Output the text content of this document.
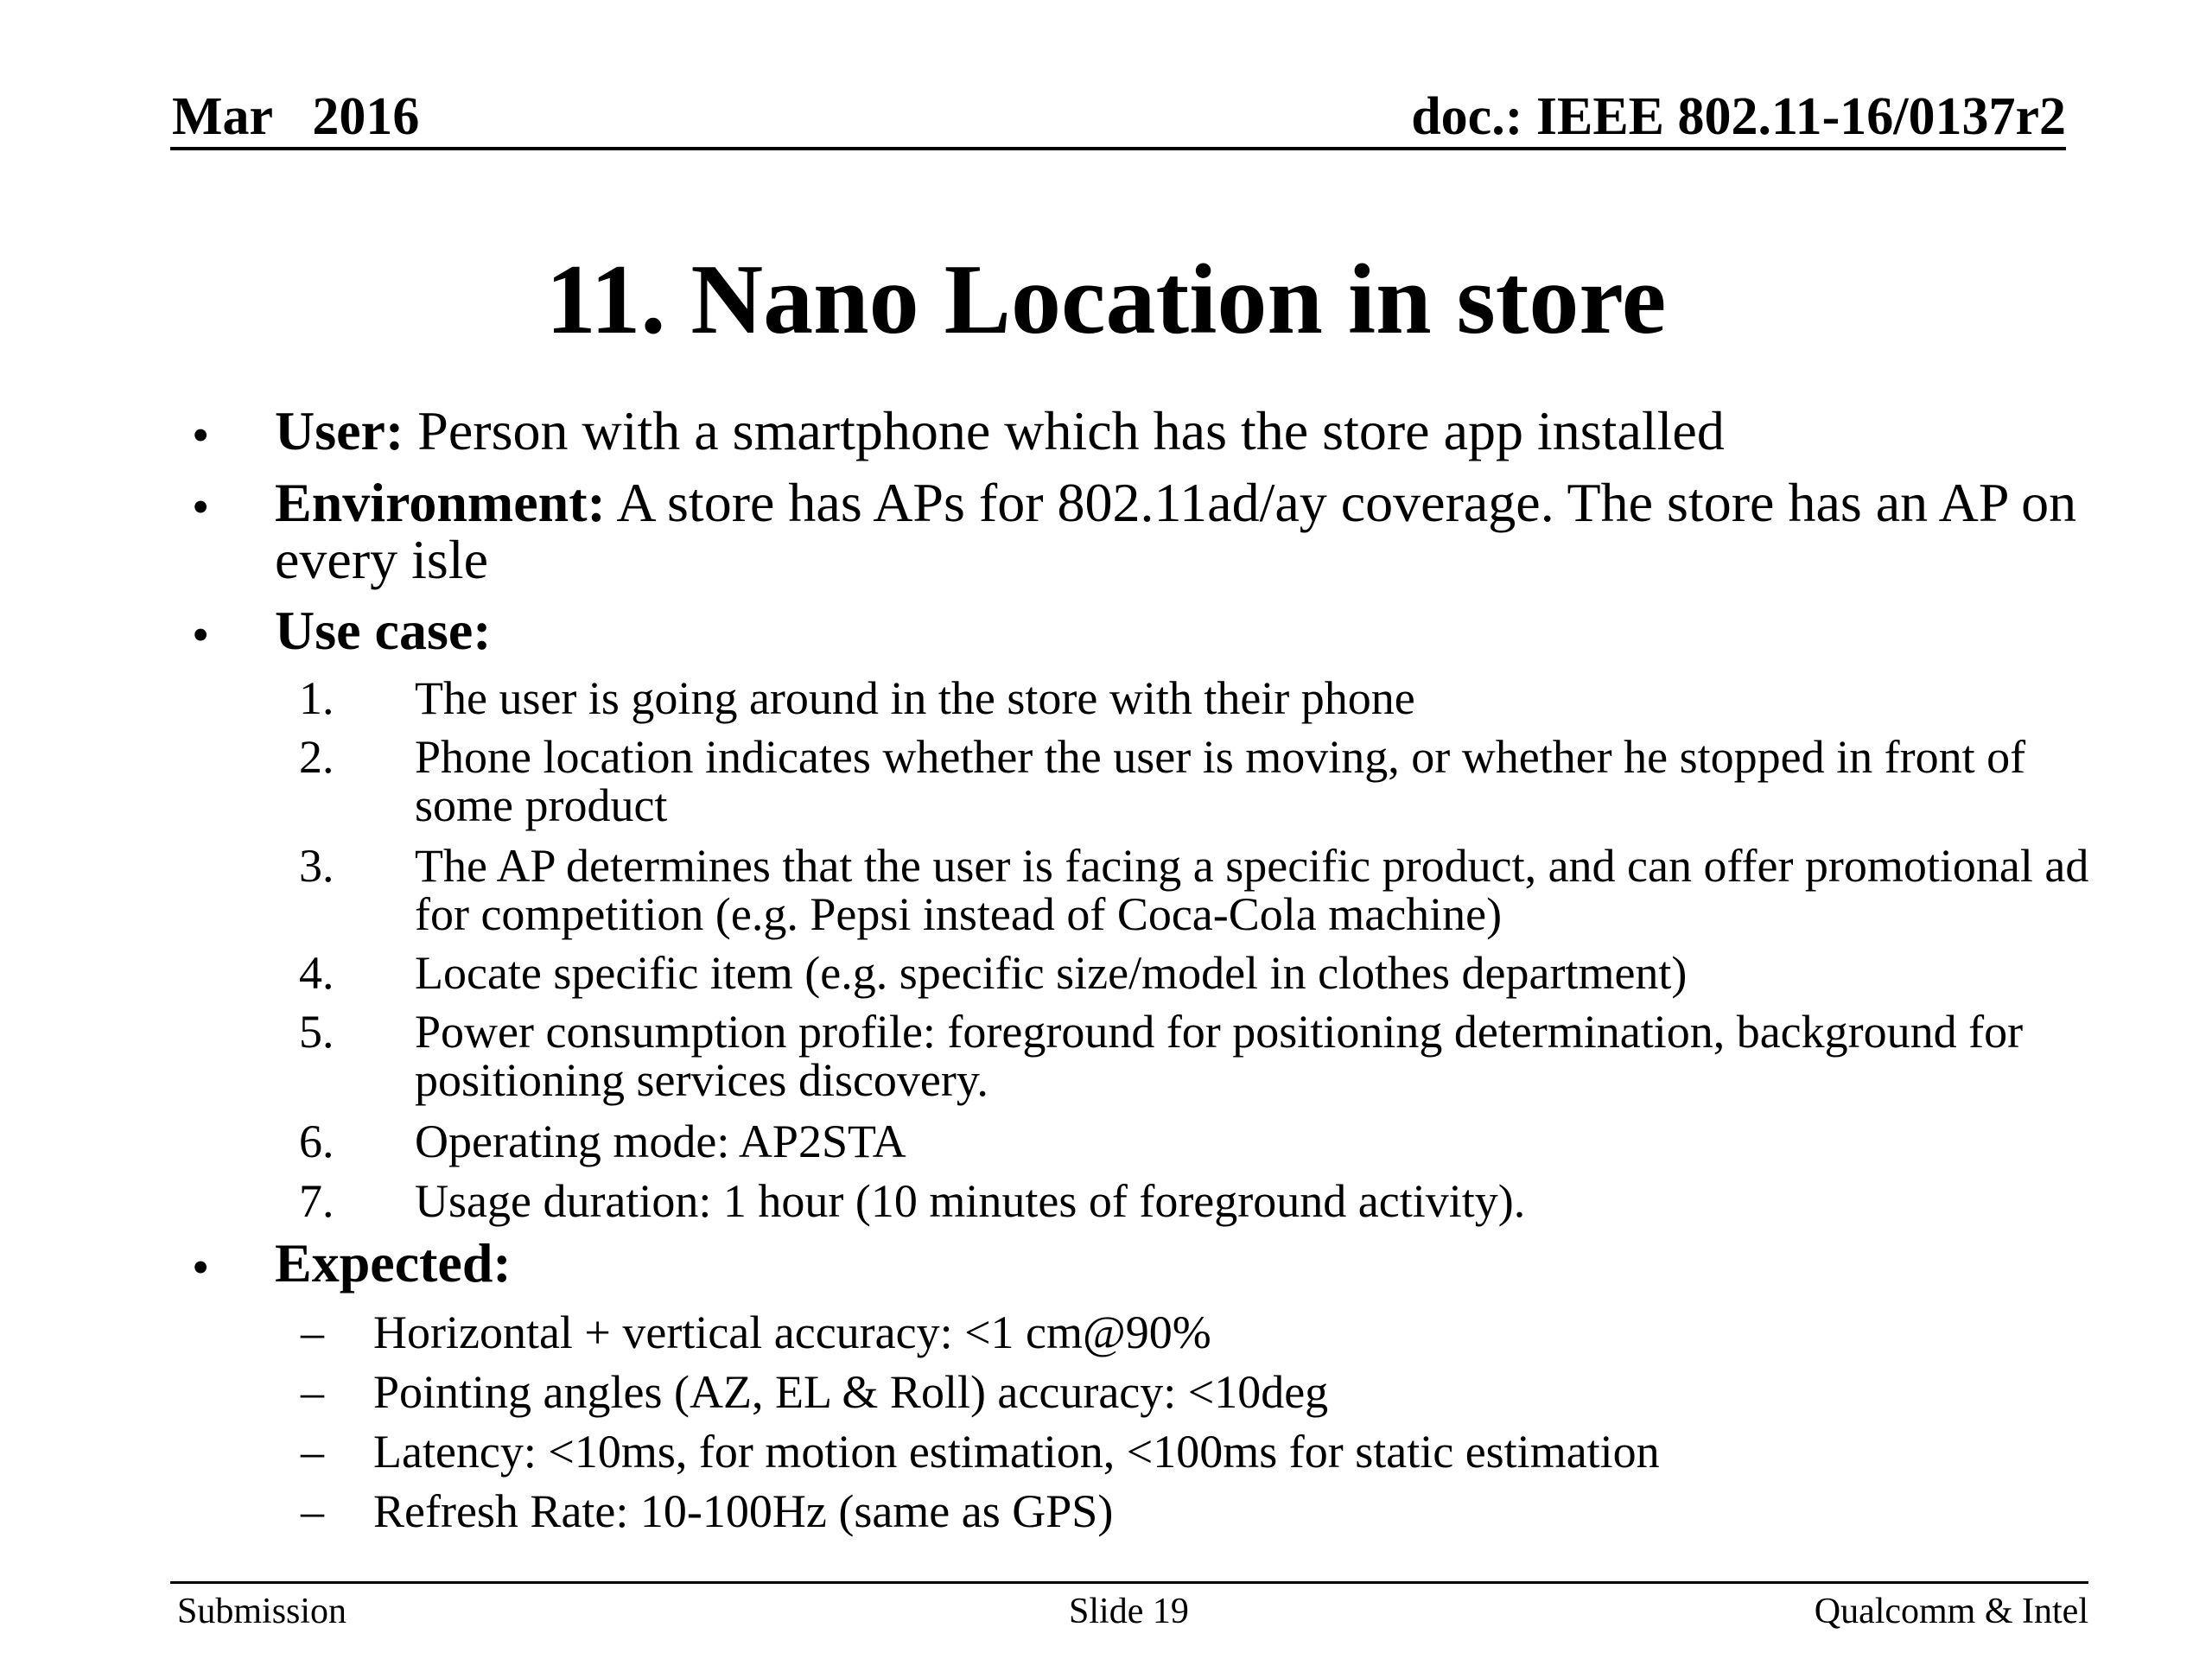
Mar   2016	doc.: IEEE 802.11-16/0137r2
11. Nano Location in store
• User: Person with a smartphone which has the store app installed
• Environment: A store has APs for 802.11ad/ay coverage. The store has an AP on every isle
• Use case:
1. The user is going around in the store with their phone
2. Phone location indicates whether the user is moving, or whether he stopped in front of some product
3. The AP determines that the user is facing a specific product, and can offer promotional ad for competition (e.g. Pepsi instead of Coca-Cola machine)
4. Locate specific item (e.g. specific size/model in clothes department)
5. Power consumption profile: foreground for positioning determination, background for positioning services discovery.
6. Operating mode: AP2STA
7. Usage duration: 1 hour (10 minutes of foreground activity).
• Expected:
– Horizontal + vertical accuracy: <1 cm@90%
– Pointing angles (AZ, EL & Roll) accuracy: <10deg
– Latency: <10ms, for motion estimation, <100ms for static estimation
– Refresh Rate: 10-100Hz (same as GPS)
Submission	Slide 19	Qualcomm & Intel
